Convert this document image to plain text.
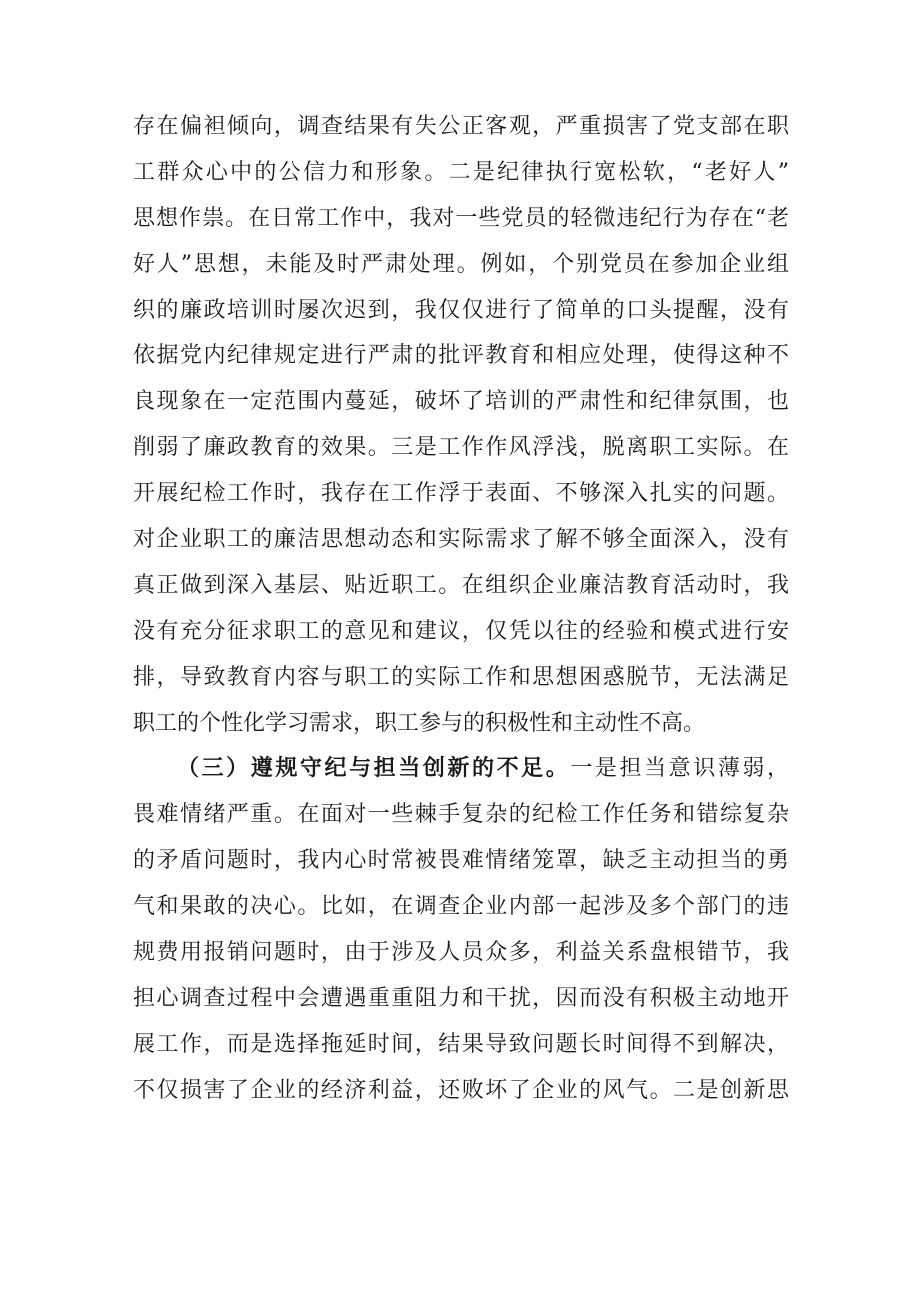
存在偏袒倾向，调查结果有失公正客观，严重损害了党支部在职
工群众心中的公信力和形象。二是纪律执行宽松软，“老好人”
思想作祟。在日常工作中，我对一些党员的轻微违纪行为存在“老
好人”思想，未能及时严肃处理。例如，个别党员在参加企业组
织的廉政培训时屡次迟到，我仅仅进行了简单的口头提醒，没有
依据党内纪律规定进行严肃的批评教育和相应处理，使得这种不
良现象在一定范围内蔓延，破坏了培训的严肃性和纪律氛围，也
削弱了廉政教育的效果。三是工作作风浮浅，脱离职工实际。在
开展纪检工作时，我存在工作浮于表面、不够深入扎实的问题。
对企业职工的廉洁思想动态和实际需求了解不够全面深入，没有
真正做到深入基层、贴近职工。在组织企业廉洁教育活动时，我
没有充分征求职工的意见和建议，仅凭以往的经验和模式进行安
排，导致教育内容与职工的实际工作和思想困惑脱节，无法满足
职工的个性化学习需求，职工参与的积极性和主动性不高。
（三）遵规守纪与担当创新的不足。一是担当意识薄弱，
畏难情绪严重。在面对一些棘手复杂的纪检工作任务和错综复杂
的矛盾问题时，我内心时常被畏难情绪笼罩，缺乏主动担当的勇
气和果敢的决心。比如，在调查企业内部一起涉及多个部门的违
规费用报销问题时，由于涉及人员众多，利益关系盘根错节，我
担心调查过程中会遭遇重重阻力和干扰，因而没有积极主动地开
展工作，而是选择拖延时间，结果导致问题长时间得不到解决，
不仅损害了企业的经济利益，还败坏了企业的风气。二是创新思
